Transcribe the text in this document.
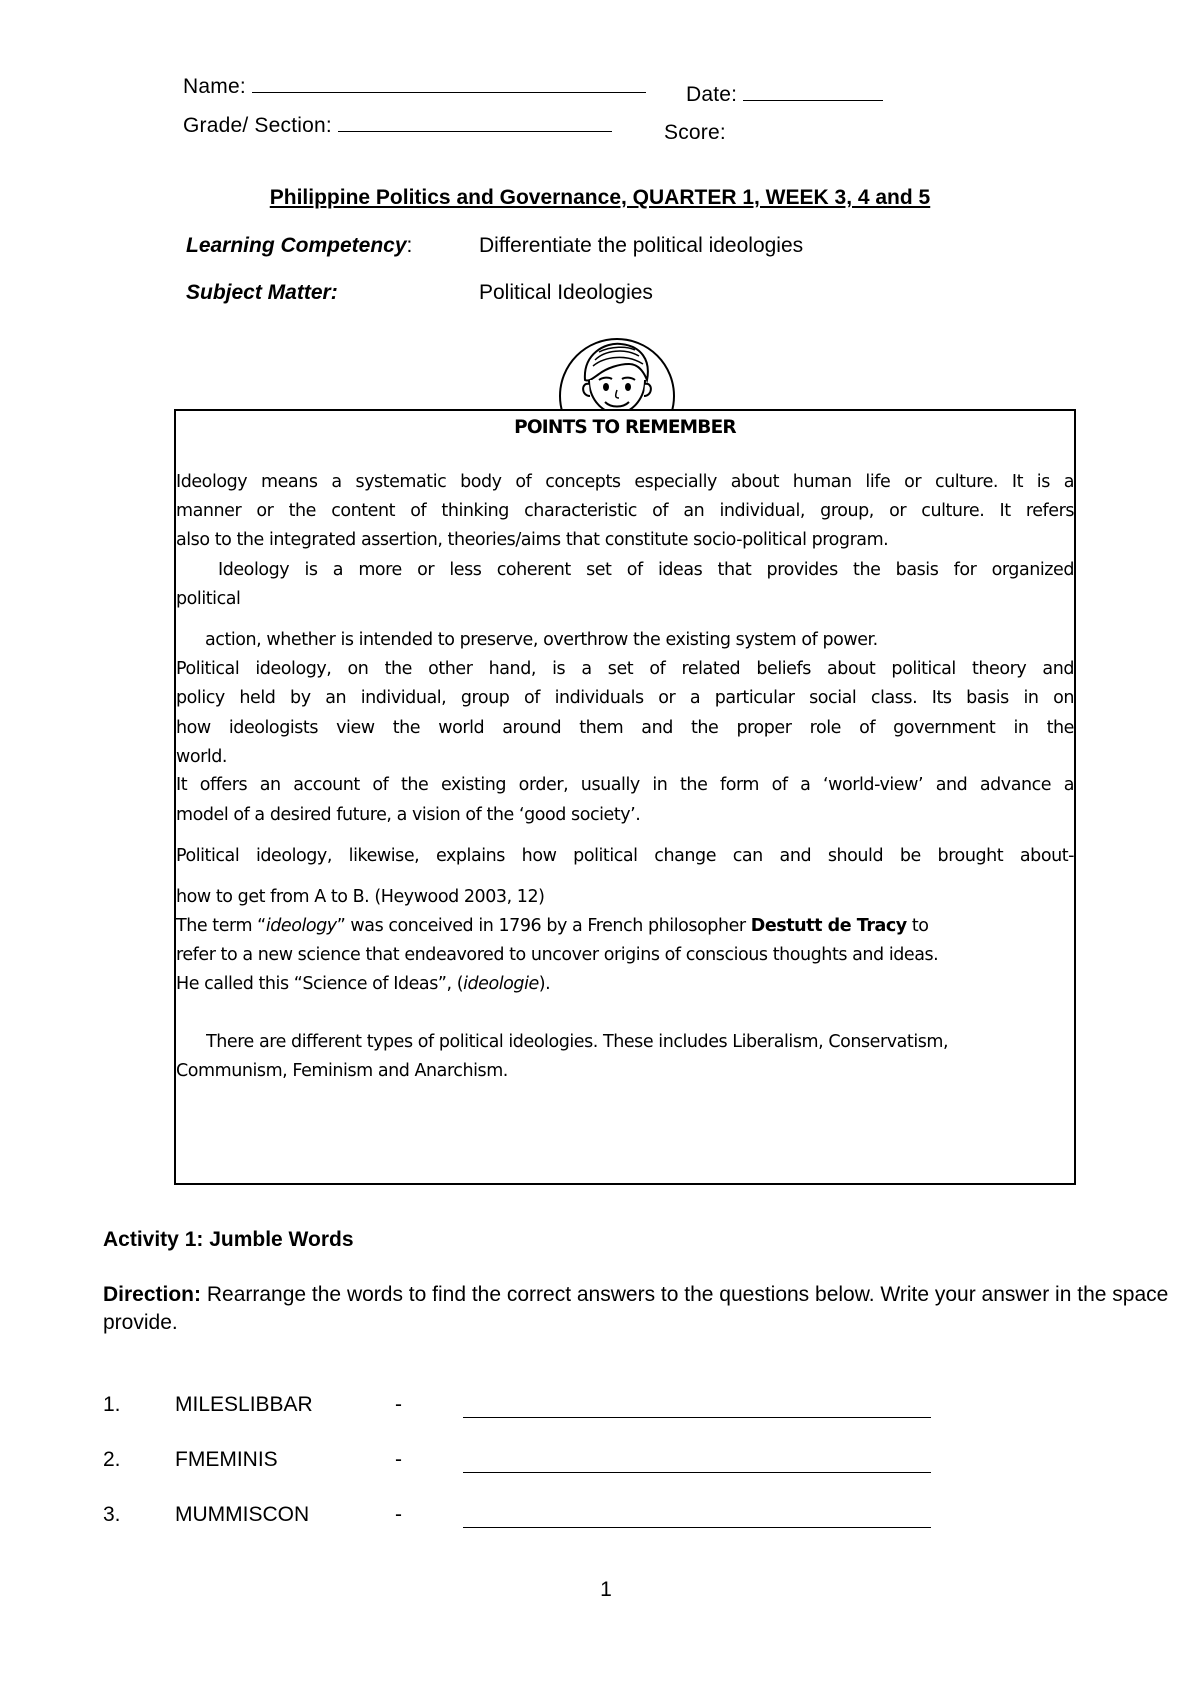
Name:	Date:
Grade/ Section:	Score:
Philippine Politics and Governance, QUARTER 1, WEEK 3, 4 and 5
Learning Competency:	Differentiate the political ideologies
Subject Matter:	Political Ideologies
POINTS TO REMEMBER
Ideology means a systematic body of concepts especially about human life or culture. It is a
manner or the content of thinking characteristic of an individual, group, or culture. It refers
also to the integrated assertion, theories/aims that constitute socio-political program.
Ideology is a more or less coherent set of ideas that provides the basis for organized
political
action, whether is intended to preserve, overthrow the existing system of power.
Political ideology, on the other hand, is a set of related beliefs about political theory and
policy held by an individual, group of individuals or a particular social class. Its basis in on
how ideologists view the world around them and the proper role of government in the
world.
It offers an account of the existing order, usually in the form of a ‘world-view’ and advance a
model of a desired future, a vision of the ‘good society’.
Political ideology, likewise, explains how political change can and should be brought about-
how to get from A to B. (Heywood 2003, 12)
The term “ideology” was conceived in 1796 by a French philosopher Destutt de Tracy to
refer to a new science that endeavored to uncover origins of conscious thoughts and ideas.
He called this “Science of Ideas”, (ideologie).
There are different types of political ideologies. These includes Liberalism, Conservatism,
Communism, Feminism and Anarchism.
Activity 1: Jumble Words
Direction: Rearrange the words to find the correct answers to the questions below. Write your answer in the space provide.
1.	MILESLIBBAR	-
2.	FMEMINIS	-
3.	MUMMISCON	-
1
